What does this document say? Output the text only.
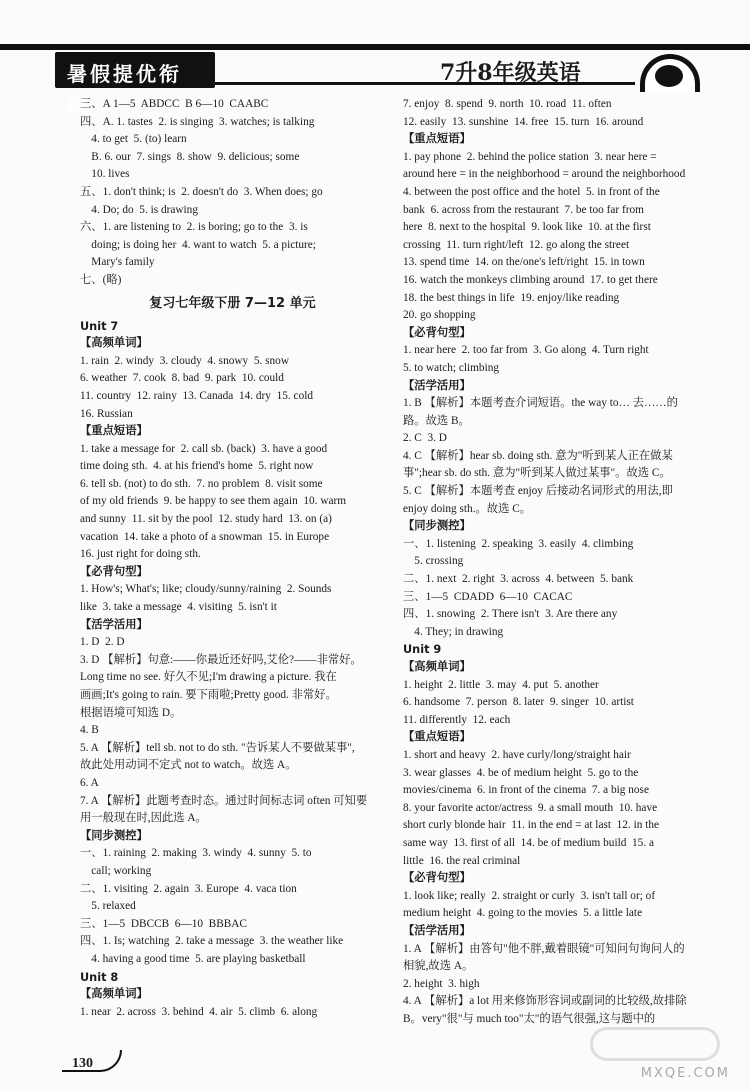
暑假提优衔接
7升8年级英语
三、A 1—5  ABDCC  B 6—10  CAABC
四、A. 1. tastes  2. is singing  3. watches; is talking
4. to get  5. (to) learn
B. 6. our  7. sings  8. show  9. delicious; some
10. lives
五、1. don't think; is  2. doesn't do  3. When does; go
4. Do; do  5. is drawing
六、1. are listening to  2. is boring; go to the  3. is
doing; is doing her  4. want to watch  5. a picture;
Mary's family
七、(略)
复习七年级下册 7—12 单元
Unit 7
【高频单词】
1. rain  2. windy  3. cloudy  4. snowy  5. snow
6. weather  7. cook  8. bad  9. park  10. could
11. country  12. rainy  13. Canada  14. dry  15. cold
16. Russian
【重点短语】
1. take a message for  2. call sb. (back)  3. have a good
time doing sth.  4. at his friend's home  5. right now
6. tell sb. (not) to do sth.  7. no problem  8. visit some
of my old friends  9. be happy to see them again  10. warm
and sunny  11. sit by the pool  12. study hard  13. on (a)
vacation  14. take a photo of a snowman  15. in Europe
16. just right for doing sth.
【必背句型】
1. How's; What's; like; cloudy/sunny/raining  2. Sounds
like  3. take a message  4. visiting  5. isn't it
【活学活用】
1. D  2. D
3. D 【解析】句意:——你最近还好吗,艾伦?——非常好。
Long time no see. 好久不见;I'm drawing a picture. 我在
画画;It's going to rain. 要下雨啦;Pretty good. 非常好。
根据语境可知选 D。
4. B
5. A 【解析】tell sb. not to do sth. "告诉某人不要做某事",
故此处用动词不定式 not to watch。故选 A。
6. A
7. A 【解析】此题考查时态。通过时间标志词 often 可知要
用一般现在时,因此选 A。
【同步测控】
一、1. raining  2. making  3. windy  4. sunny  5. to
call; working
二、1. visiting  2. again  3. Europe  4. vaca tion
5. relaxed
三、1—5  DBCCB  6—10  BBBAC
四、1. Is; watching  2. take a message  3. the weather like
4. having a good time  5. are playing basketball
Unit 8
【高频单词】
1. near  2. across  3. behind  4. air  5. climb  6. along
7. enjoy  8. spend  9. north  10. road  11. often
12. easily  13. sunshine  14. free  15. turn  16. around
【重点短语】
1. pay phone  2. behind the police station  3. near here =
around here = in the neighborhood = around the neighborhood
4. between the post office and the hotel  5. in front of the
bank  6. across from the restaurant  7. be too far from
here  8. next to the hospital  9. look like  10. at the first
crossing  11. turn right/left  12. go along the street
13. spend time  14. on the/one's left/right  15. in town
16. watch the monkeys climbing around  17. to get there
18. the best things in life  19. enjoy/like reading
20. go shopping
【必背句型】
1. near here  2. too far from  3. Go along  4. Turn right
5. to watch; climbing
【活学活用】
1. B 【解析】本题考查介词短语。the way to… 去……的
路。故选 B。
2. C  3. D
4. C 【解析】hear sb. doing sth. 意为"听到某人正在做某
事";hear sb. do sth. 意为"听到某人做过某事"。故选 C。
5. C 【解析】本题考查 enjoy 后接动名词形式的用法,即
enjoy doing sth.。故选 C。
【同步测控】
一、1. listening  2. speaking  3. easily  4. climbing
5. crossing
二、1. next  2. right  3. across  4. between  5. bank
三、1—5  CDADD  6—10  CACAC
四、1. snowing  2. There isn't  3. Are there any
4. They; in drawing
Unit 9
【高频单词】
1. height  2. little  3. may  4. put  5. another
6. handsome  7. person  8. later  9. singer  10. artist
11. differently  12. each
【重点短语】
1. short and heavy  2. have curly/long/straight hair
3. wear glasses  4. be of medium height  5. go to the
movies/cinema  6. in front of the cinema  7. a big nose
8. your favorite actor/actress  9. a small mouth  10. have
short curly blonde hair  11. in the end = at last  12. in the
same way  13. first of all  14. be of medium build  15. a
little  16. the real criminal
【必背句型】
1. look like; really  2. straight or curly  3. isn't tall or; of
medium height  4. going to the movies  5. a little late
【活学活用】
1. A 【解析】由答句"他不胖,戴着眼镜"可知问句询问人的
相貌,故选 A。
2. height  3. high
4. A 【解析】a lot 用来修饰形容词或副词的比较级,故排除
B。very"很"与 much too"太"的语气很强,这与题中的
130
MXQE.COM
